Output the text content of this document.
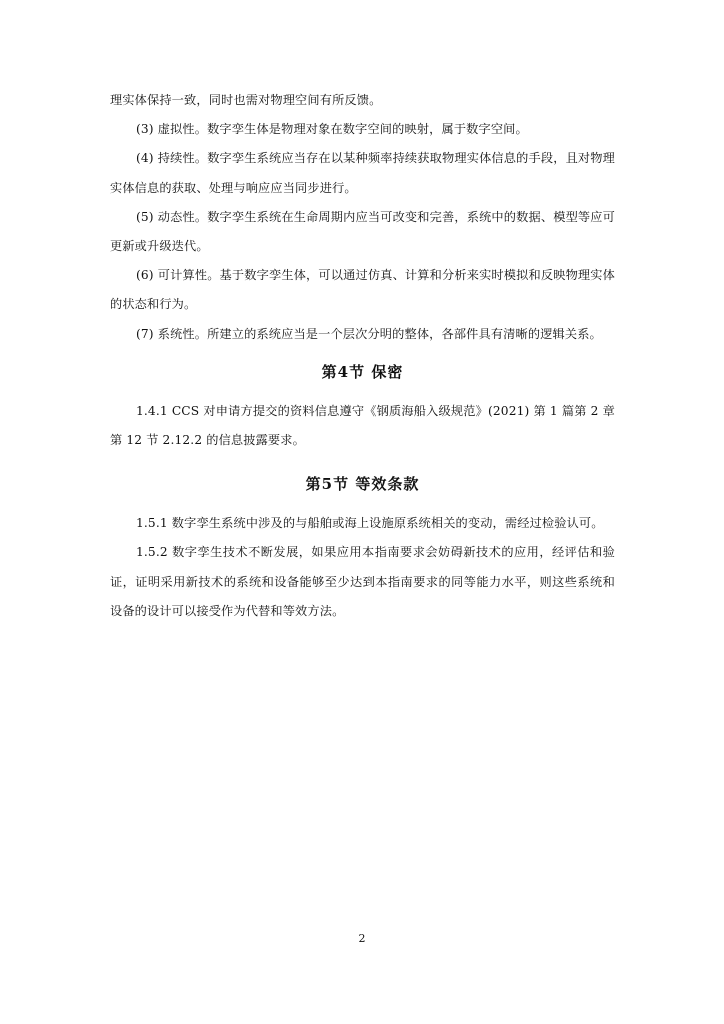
理实体保持一致，同时也需对物理空间有所反馈。

(3) 虚拟性。数字孪生体是物理对象在数字空间的映射，属于数字空间。

(4) 持续性。数字孪生系统应当存在以某种频率持续获取物理实体信息的手段，且对物理实体信息的获取、处理与响应应当同步进行。

(5) 动态性。数字孪生系统在生命周期内应当可改变和完善，系统中的数据、模型等应可更新或升级迭代。

(6) 可计算性。基于数字孪生体，可以通过仿真、计算和分析来实时模拟和反映物理实体的状态和行为。

(7) 系统性。所建立的系统应当是一个层次分明的整体，各部件具有清晰的逻辑关系。

第4节 保密

1.4.1 CCS 对申请方提交的资料信息遵守《钢质海船入级规范》(2021) 第 1 篇第 2 章第 12 节 2.12.2 的信息披露要求。

第5节 等效条款

1.5.1 数字孪生系统中涉及的与船舶或海上设施原系统相关的变动，需经过检验认可。

1.5.2 数字孪生技术不断发展，如果应用本指南要求会妨碍新技术的应用，经评估和验证，证明采用新技术的系统和设备能够至少达到本指南要求的同等能力水平，则这些系统和设备的设计可以接受作为代替和等效方法。

2
